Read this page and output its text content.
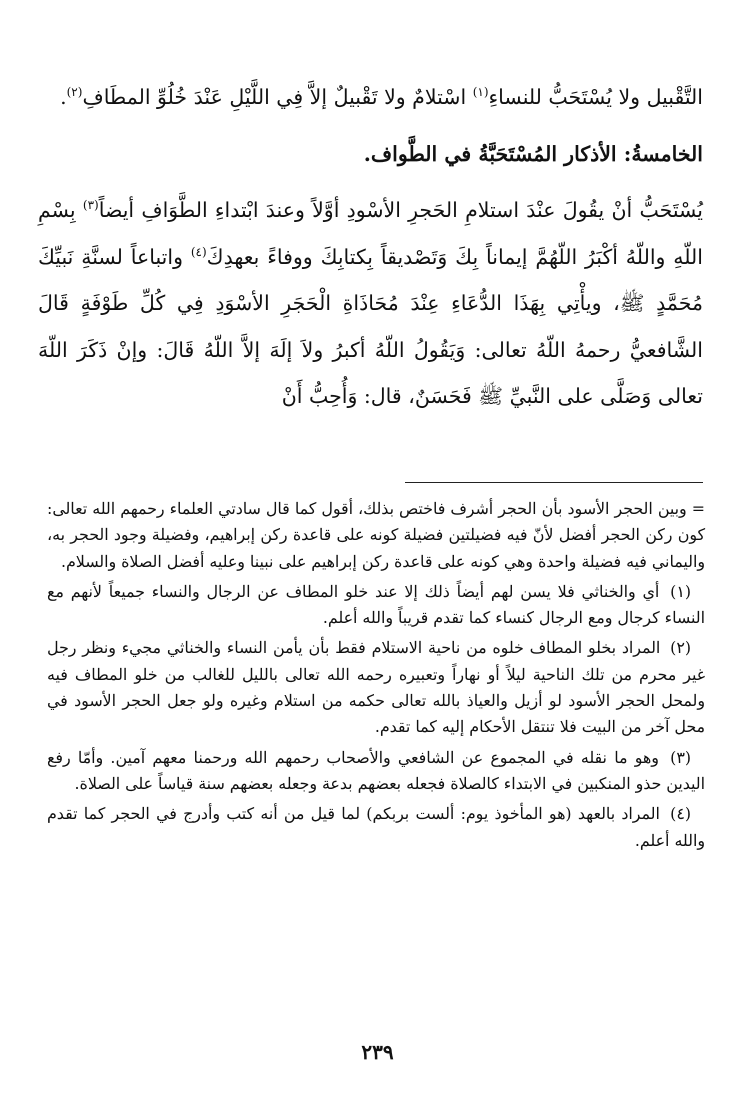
التَّقْبيل ولا يُسْتَحَبُّ للنساءِ$^{(١)}$ اسْتلامٌ ولا تَقْبيلٌ إلاَّ فِي اللَّيْلِ عَنْدَ خُلُوِّ المطَافِ$^{(٢)}$.

الخامسةُ: الأذكار المُسْتَحَبَّةُ في الطَّواف.

يُسْتَحَبُّ أنْ يقُولَ عنْدَ استلامِ الحَجرِ الأسْودِ أوَّلاً وعندَ ابْتداءِ الطَّوَافِ أيضاً$^{(٣)}$ بِسْمِ اللّهِ واللّهُ أكْبَرُ اللّهُمَّ إيماناً بِكَ وَتَصْديقاً بِكتابِكَ ووفاءً بعهدِكَ$^{(٤)}$ واتباعاً لسنَّةِ نَبيِّكَ مُحَمَّدٍ ﷺ، ويأْتِي بِهَذَا الدُّعَاءِ عِنْدَ مُحَاذَاةِ الْحَجَرِ الأسْوَدِ فِي كُلِّ طَوْفَةٍ قَالَ الشَّافعيُّ رحمهُ اللّهُ تعالى: وَيَقُولُ اللّهُ أكبرُ ولاَ إلَهَ إلاَّ اللّهُ قَالَ: وإنْ ذَكَرَ اللّهَ تعالى وَصَلَّى على النَّبيِّ ﷺ فَحَسَنٌ، قال: وَأُحِبُّ أَنْ

= وبين الحجر الأسود بأن الحجر أشرف فاختص بذلك، أقول كما قال سادتي العلماء رحمهم الله تعالى: كون ركن الحجر أفضل لأنّ فيه فضيلتين فضيلة كونه على قاعدة ركن إبراهيم، وفضيلة وجود الحجر به، واليماني فيه فضيلة واحدة وهي كونه على قاعدة ركن إبراهيم على نبينا وعليه أفضل الصلاة والسلام.

(١) أي والخناثي فلا يسن لهم أيضاً ذلك إلا عند خلو المطاف عن الرجال والنساء جميعاً لأنهم مع النساء كرجال ومع الرجال كنساء كما تقدم قريباً والله أعلم.

(٢) المراد بخلو المطاف خلوه من ناحية الاستلام فقط بأن يأمن النساء والخناثي مجيء ونظر رجل غير محرم من تلك الناحية ليلاً أو نهاراً وتعبيره رحمه الله تعالى بالليل للغالب من خلو المطاف فيه ولمحل الحجر الأسود لو أزيل والعياذ بالله تعالى حكمه من استلام وغيره ولو جعل الحجر الأسود في محل آخر من البيت فلا تنتقل الأحكام إليه كما تقدم.

(٣) وهو ما نقله في المجموع عن الشافعي والأصحاب رحمهم الله ورحمنا معهم آمين. وأمّا رفع اليدين حذو المنكبين في الابتداء كالصلاة فجعله بعضهم بدعة وجعله بعضهم سنة قياساً على الصلاة.

(٤) المراد بالعهد (هو المأخوذ يوم: ألست بربكم) لما قيل من أنه كتب وأدرج في الحجر كما تقدم والله أعلم.

٢٣٩
